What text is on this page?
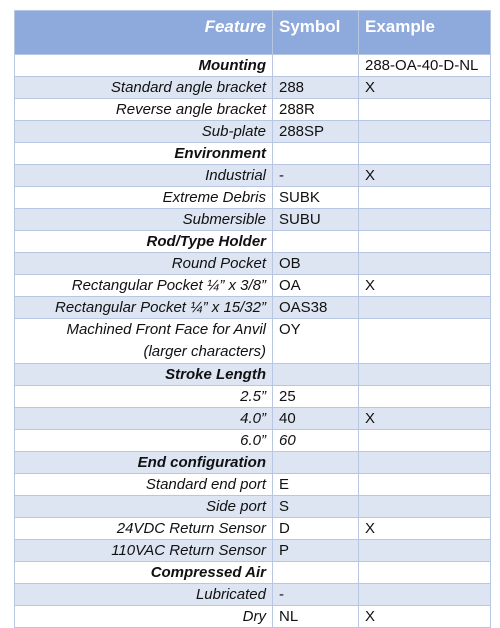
Feature	Symbol	Example
Mounting		288-OA-40-D-NL
Standard angle bracket	288	X
Reverse angle bracket	288R	
Sub-plate	288SP	
Environment		
Industrial	-	X
Extreme Debris	SUBK	
Submersible	SUBU	
Rod/Type Holder		
Round Pocket	OB	
Rectangular Pocket ¼” x 3/8”	OA	X
Rectangular Pocket ¼” x 15/32”	OAS38	
Machined Front Face for Anvil (larger characters)	OY	
Stroke Length		
2.5”	25	
4.0”	40	X
6.0”	60	
End configuration		
Standard end port	E	
Side port	S	
24VDC Return Sensor	D	X
110VAC Return Sensor	P	
Compressed Air		
Lubricated	-	
Dry	NL	X
